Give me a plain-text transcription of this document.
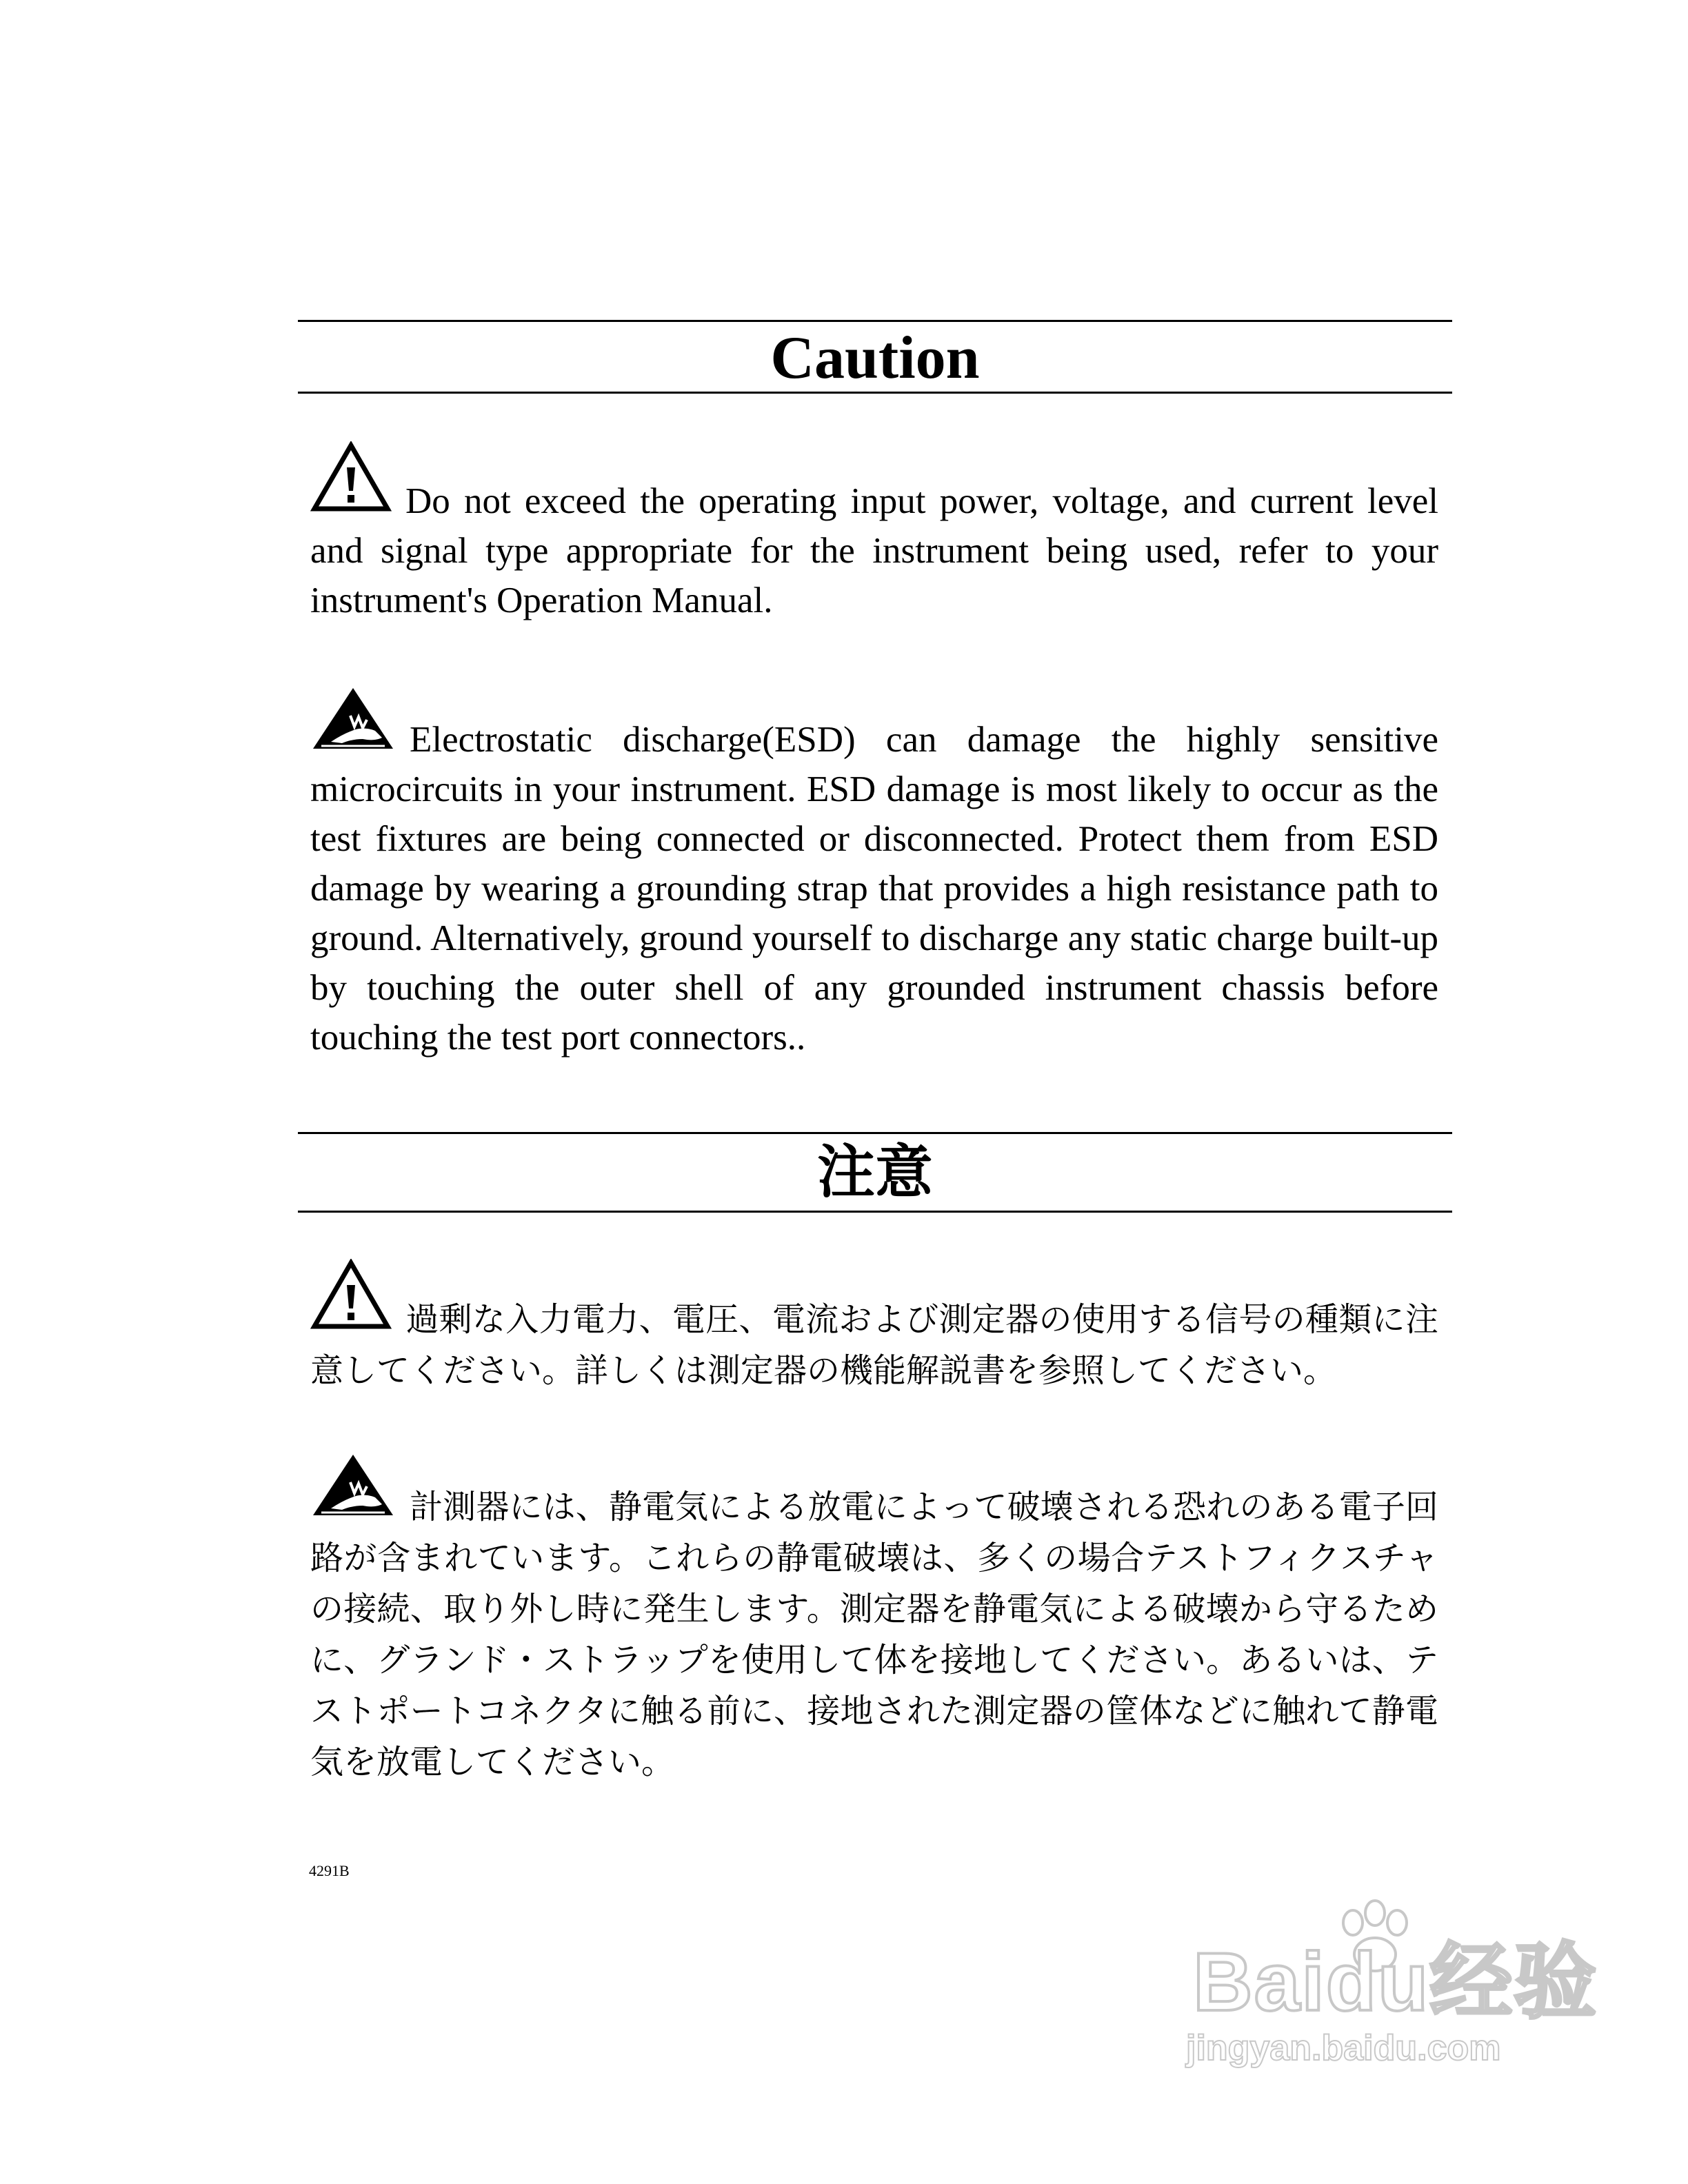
Caution
Do not exceed the operating input power, voltage, and current level and signal type appropriate for the instrument being used, refer to your instrument's Operation Manual.
Electrostatic discharge(ESD) can damage the highly sensitive microcircuits in your instrument. ESD damage is most likely to occur as the test fixtures are being connected or disconnected. Protect them from ESD damage by wearing a grounding strap that provides a high resistance path to ground. Alternatively, ground yourself to discharge any static charge built-up by touching the outer shell of any grounded instrument chassis before touching the test port connectors..
注意
過剰な入力電力、電圧、電流および測定器の使用する信号の種類に注意してください。詳しくは測定器の機能解説書を参照してください。
計測器には、静電気による放電によって破壊される恐れのある電子回路が含まれています。これらの静電破壊は、多くの場合テストフィクスチャの接続、取り外し時に発生します。測定器を静電気による破壊から守るために、グランド・ストラップを使用して体を接地してください。あるいは、テストポートコネクタに触る前に、接地された測定器の筐体などに触れて静電気を放電してください。
4291B
Baidu经验
jingyan.baidu.com
